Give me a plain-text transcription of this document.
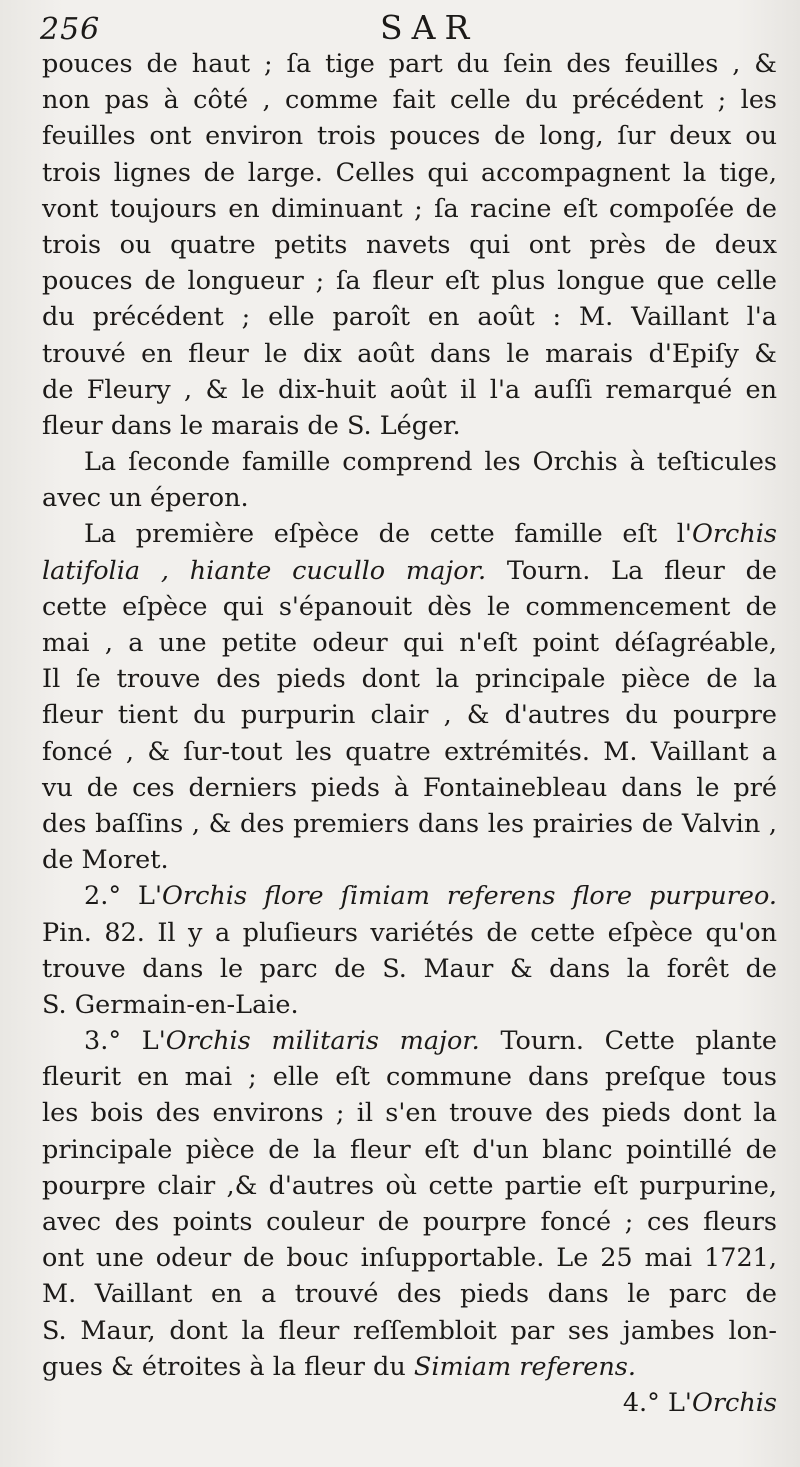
256	SAR
pouces de haut ; ſa tige part du ſein des feuilles , &
non pas à côté , comme fait celle du précédent ; les
feuilles ont environ trois pouces de long, ſur deux ou
trois lignes de large. Celles qui accompagnent la tige,
vont toujours en diminuant ; ſa racine eſt compoſée de
trois ou quatre petits navets qui ont près de deux
pouces de longueur ; ſa fleur eſt plus longue que celle
du précédent ; elle paroît en août : M. Vaillant l'a
trouvé en fleur le dix août dans le marais d'Epiſy &
de Fleury , & le dix-huit août il l'a auſſi remarqué en
fleur dans le marais de S. Léger.
La ſeconde famille comprend les Orchis à teſticules
avec un éperon.
La première eſpèce de cette famille eſt l'Orchis
latifolia , hiante cucullo major. Tourn. La fleur de
cette eſpèce qui s'épanouit dès le commencement de
mai , a une petite odeur qui n'eſt point déſagréable,
Il ſe trouve des pieds dont la principale pièce de la
fleur tient du purpurin clair , & d'autres du pourpre
foncé , & ſur-tout les quatre extrémités. M. Vaillant a
vu de ces derniers pieds à Fontainebleau dans le pré
des baſſins , & des premiers dans les prairies de Valvin ,
de Moret.
2.° L'Orchis flore ſimiam referens flore purpureo.
Pin. 82. Il y a pluſieurs variétés de cette eſpèce qu'on
trouve dans le parc de S. Maur & dans la forêt de
S. Germain-en-Laie.
3.° L'Orchis militaris major. Tourn. Cette plante
fleurit en mai ; elle eſt commune dans preſque tous
les bois des environs ; il s'en trouve des pieds dont la
principale pièce de la fleur eſt d'un blanc pointillé de
pourpre clair ,& d'autres où cette partie eſt purpurine,
avec des points couleur de pourpre foncé ; ces fleurs
ont une odeur de bouc inſupportable. Le 25 mai 1721,
M. Vaillant en a trouvé des pieds dans le parc de
S. Maur, dont la fleur reſſembloit par ses jambes lon-
gues & étroites à la fleur du Simiam referens.
4.° L'Orchis
